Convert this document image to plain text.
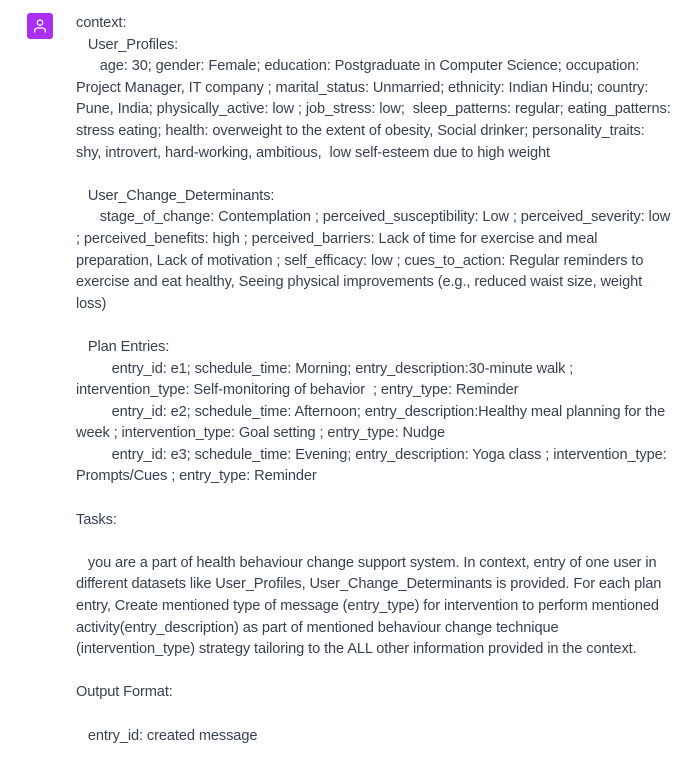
context:
User_Profiles:
age: 30; gender: Female; education: Postgraduate in Computer Science; occupation: Project Manager, IT company ; marital_status: Unmarried; ethnicity: Indian Hindu; country: Pune, India; physically_active: low ; job_stress: low;  sleep_patterns: regular; eating_patterns: stress eating; health: overweight to the extent of obesity, Social drinker; personality_traits: shy, introvert, hard-working, ambitious,  low self-esteem due to high weight

User_Change_Determinants:
stage_of_change: Contemplation ; perceived_susceptibility: Low ; perceived_severity: low ; perceived_benefits: high ; perceived_barriers: Lack of time for exercise and meal preparation, Lack of motivation ; self_efficacy: low ; cues_to_action: Regular reminders to exercise and eat healthy, Seeing physical improvements (e.g., reduced waist size, weight loss)

Plan Entries:
entry_id: e1; schedule_time: Morning; entry_description:30-minute walk ; intervention_type: Self-monitoring of behavior  ; entry_type: Reminder
entry_id: e2; schedule_time: Afternoon; entry_description:Healthy meal planning for the week ; intervention_type: Goal setting ; entry_type: Nudge
entry_id: e3; schedule_time: Evening; entry_description: Yoga class ; intervention_type: Prompts/Cues ; entry_type: Reminder

Tasks:

you are a part of health behaviour change support system. In context, entry of one user in different datasets like User_Profiles, User_Change_Determinants is provided. For each plan entry, Create mentioned type of message (entry_type) for intervention to perform mentioned activity(entry_description) as part of mentioned behaviour change technique (intervention_type) strategy tailoring to the ALL other information provided in the context.

Output Format:

entry_id: created message
